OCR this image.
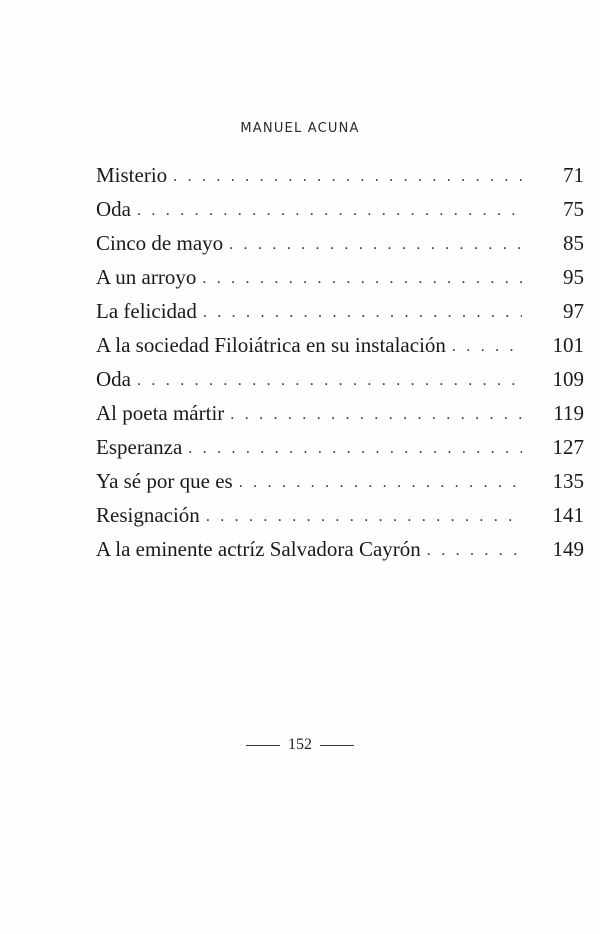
MANUEL ACUNA
Misterio . . .	71
Oda . . .	75
Cinco de mayo . . .	85
A un arroyo . . .	95
La felicidad . . .	97
A la sociedad Filoiátrica en su instalación . . .	101
Oda . . .	109
Al poeta mártir . . .	119
Esperanza . . .	127
Ya sé por que es . . .	135
Resignación . . .	141
A la eminente actríz Salvadora Cayrón . . .	149
152
